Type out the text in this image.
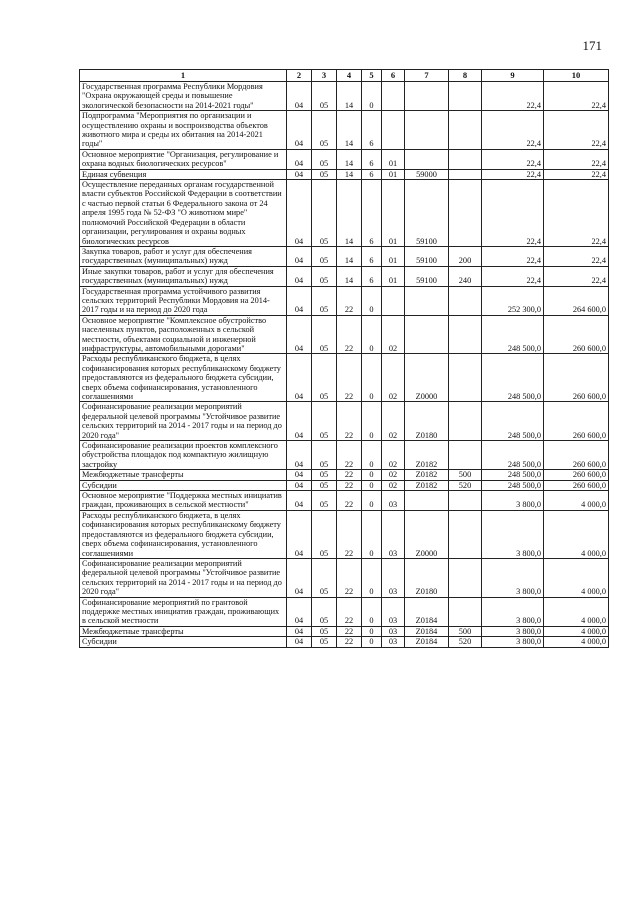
171
1	2	3	4	5	6	7	8	9	10
Государственная программа Республики Мордовия "Охрана окружающей среды и повышение экологической безопасности на 2014-2021 годы"	04	05	14	0				22,4	22,4
Подпрограмма "Мероприятия по организации и осуществлению охраны и воспроизводства объектов животного мира и среды их обитания на 2014-2021 годы"	04	05	14	6				22,4	22,4
Основное мероприятие "Организация, регулирование и охрана водных биологических ресурсов"	04	05	14	6	01			22,4	22,4
Единая субвенция	04	05	14	6	01	59000		22,4	22,4
Осуществление переданных органам государственной власти субъектов Российской Федерации в соответствии с частью первой статьи 6 Федерального закона от 24 апреля 1995 года № 52-ФЗ "О животном мире" полномочий Российской Федерации в области организации, регулирования и охраны водных биологических ресурсов	04	05	14	6	01	59100		22,4	22,4
Закупка товаров, работ и услуг для обеспечения государственных (муниципальных) нужд	04	05	14	6	01	59100	200	22,4	22,4
Иные закупки товаров, работ и услуг для обеспечения государственных (муниципальных) нужд	04	05	14	6	01	59100	240	22,4	22,4
Государственная программа устойчивого развития сельских территорий Республики Мордовия на 2014-2017 годы и на период до 2020 года	04	05	22	0				252 300,0	264 600,0
Основное мероприятие "Комплексное обустройство населенных пунктов, расположенных в сельской местности, объектами социальной и инженерной инфраструктуры, автомобильными дорогами"	04	05	22	0	02			248 500,0	260 600,0
Расходы республиканского бюджета, в целях софинансирования которых республиканскому бюджету предоставляются из федерального бюджета субсидии, сверх объема софинансирования, установленного соглашениями	04	05	22	0	02	Z0000		248 500,0	260 600,0
Софинансирование реализации мероприятий федеральной целевой программы "Устойчивое развитие сельских территорий на 2014 - 2017 годы и на период до 2020 года"	04	05	22	0	02	Z0180		248 500,0	260 600,0
Софинансирование реализации проектов комплексного обустройства площадок под компактную жилищную застройку	04	05	22	0	02	Z0182		248 500,0	260 600,0
Межбюджетные трансферты	04	05	22	0	02	Z0182	500	248 500,0	260 600,0
Субсидии	04	05	22	0	02	Z0182	520	248 500,0	260 600,0
Основное мероприятие "Поддержка местных инициатив граждан, проживающих в сельской местности"	04	05	22	0	03			3 800,0	4 000,0
Расходы республиканского бюджета, в целях софинансирования которых республиканскому бюджету предоставляются из федерального бюджета субсидии, сверх объема софинансирования, установленного соглашениями	04	05	22	0	03	Z0000		3 800,0	4 000,0
Софинансирование реализации мероприятий федеральной целевой программы "Устойчивое развитие сельских территорий на 2014 - 2017 годы и на период до 2020 года"	04	05	22	0	03	Z0180		3 800,0	4 000,0
Софинансирование мероприятий по грантовой поддержке местных инициатив граждан, проживающих в сельской местности	04	05	22	0	03	Z0184		3 800,0	4 000,0
Межбюджетные трансферты	04	05	22	0	03	Z0184	500	3 800,0	4 000,0
Субсидии	04	05	22	0	03	Z0184	520	3 800,0	4 000,0
